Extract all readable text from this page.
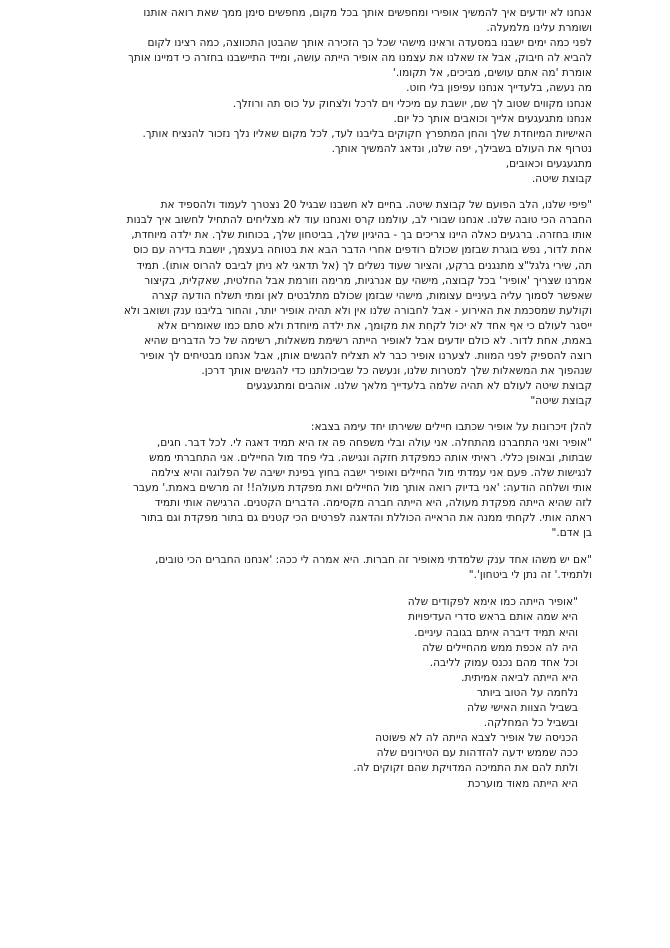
אנחנו לא יודעים איך להמשיך אופירי ומחפשים אותך בכל מקום, מחפשים סימן ממך שאת רואה אותנו
ושומרת עלינו מלמעלה.
לפני כמה ימים ישבנו במסעדה וראינו מישהי שכל כך הזכירה אותך שהבטן התכווצה, כמה רצינו לקום
להביא לה חיבוק, אבל אז שאלנו את עצמנו מה אופיר הייתה עושה, ומייד התיישבנו בחזרה כי דמיינו אותך
אומרת 'מה אתם עושים, מביכים, אל תקומו.'
מה נעשה, בלעדייך אנחנו עפיפון בלי חוט.
אנחנו מקווים שטוב לך שם, יושבת עם מיכלי וים לרכל ולצחוק על כוס תה ורוזלך.
אנחנו מתגעגעים אלייך וכואבים אותך כל יום.
האישיות המיוחדת שלך והחן המתפרץ חקוקים בליבנו לעד, לכל מקום שאליו נלך נזכור להנציח אותך.
נטרוף את העולם בשבילך, יפה שלנו, ונדאג להמשיך אותך.
מתגעגעים וכאובים,
קבוצת שיטה.
"פיפי שלנו, הלב הפועם של קבוצת שיטה. בחיים לא חשבנו שבגיל 20 נצטרך לעמוד ולהספיד את
החברה הכי טובה שלנו. אנחנו שבורי לב, עולמנו קרס ואנחנו עוד לא מצליחים להתחיל לחשוב איך לבנות
אותו בחזרה. ברגעים כאלה היינו צריכים בך - בהיגיון שלך, בביטחון שלך, בכוחות שלך. את ילדה מיוחדת,
אחת לדור, נפש בוגרת שבזמן שכולם רודפים אחרי הדבר הבא את בטוחה בעצמך, יושבת בדירה עם כוס
תה, שירי גלגל"צ מתנגנים ברקע, והציור שעוד נשלים לך (אל תדאגי לא ניתן לביבס להרוס אותו). תמיד
אמרנו שצריך 'אופיר' בכל קבוצה, מישהי עם אנרגיות, מרימה וזורמת אבל החלטית, שאקלית, בקיצור
שאפשר לסמוך עליה בעיניים עצומות, מישהי שבזמן שכולם מתלבטים לאן ומתי תשלח הודעה קצרה
וקולעת שמסכמת את האירוע - אבל לחבורה שלנו אין ולא תהיה אופיר יותר, והחור בליבנו ענק ושואב ולא
ייסגר לעולם כי אף אחד לא יכול לקחת את מקומך, את ילדה מיוחדת ולא סתם כמו שאומרים אלא
באמת, אחת לדור. לא כולם יודעים אבל לאופיר הייתה רשימת משאלות, רשימה של כל הדברים שהיא
רוצה להספיק לפני המוות. לצערנו אופיר כבר לא תצליח להגשים אותן, אבל אנחנו מבטיחים לך אופיר
שנהפוך את המשאלות שלך למטרות שלנו, ונעשה כל שביכולתנו כדי להגשים אותך דרכן.
קבוצת שיטה לעולם לא תהיה שלמה בלעדייך מלאך שלנו. אוהבים ומתגעגעים
קבוצת שיטה"
להלן זיכרונות על אופיר שכתבו חיילים ששירתו יחד עימה בצבא:
"אופיר ואני התחברנו מהתחלה. אני עולה ובלי משפחה פה אז היא תמיד דאגה לי. לכל דבר. חגים,
שבתות, ובאופן כללי. ראיתי אותה כמפקדת חזקה ונגישה. בלי פחד מול החיילים. אני התחברתי ממש
לנגישות שלה. פעם אני עמדתי מול החיילים ואופיר ישבה בחוץ בפינת ישיבה של הפלוגה והיא צילמה
אותי ושלחה הודעה: 'אני בדיוק רואה אותך מול החיילים ואת מפקדת מעולה!! זה מרשים באמת.' מעבר
לזה שהיא הייתה מפקדת מעולה, היא הייתה חברה מקסימה. הדברים הקטנים. הרגישה אותי ותמיד
ראתה אותי. לקחתי ממנה את הראייה הכוללת והדאגה לפרטים הכי קטנים גם בתור מפקדת וגם בתור
בן אדם."
"אם יש משהו אחד ענק שלמדתי מאופיר זה חברות. היא אמרה לי ככה: 'אנחנו החברים הכי טובים,
ולתמיד.' זה נתן לי ביטחון'."
"אופיר הייתה כמו אימא לפקודים שלה
היא שמה אותם בראש סדרי העדיפויות
והיא תמיד דיברה איתם בגובה עיניים.
היה לה אכפת ממש מהחיילים שלה
וכל אחד מהם נכנס עמוק לליבה.
היא הייתה לביאה אמיתית.
נלחמה על הטוב ביותר
בשביל הצוות האישי שלה
ובשביל כל המחלקה.
הכניסה של אופיר לצבא הייתה לה לא פשוטה
ככה שממש ידעה להזדהות עם הטירונים שלה
ולתת להם את התמיכה המדויקת שהם זקוקים לה.
היא הייתה מאוד מוערכת
